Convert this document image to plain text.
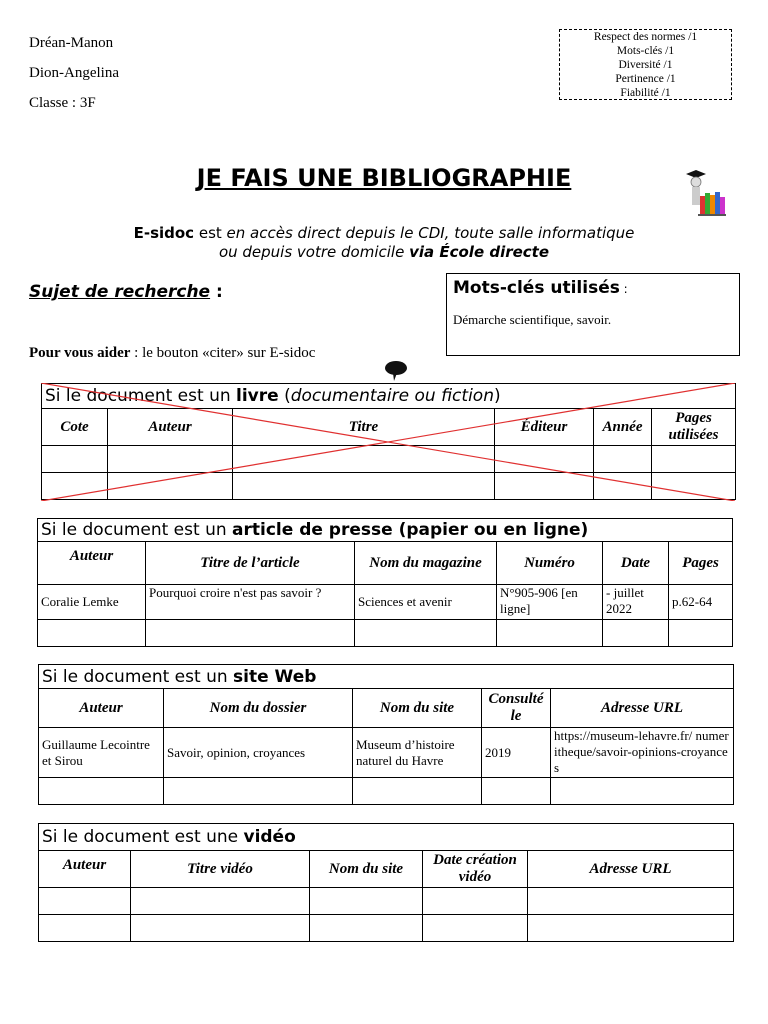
Dréan-Manon
Dion-Angelina
Classe : 3F
Respect des normes /1
Mots-clés /1
Diversité /1
Pertinence /1
Fiabilité /1
JE FAIS UNE BIBLIOGRAPHIE
E-sidoc est en accès direct depuis le CDI, toute salle informatique
ou depuis votre domicile via École directe
Sujet de recherche :	Mots-clés utilisés :
Démarche scientifique, savoir.
Pour vous aider : le bouton «citer» sur E-sidoc
Si le document est un livre (documentaire ou fiction)					
Cote	Auteur	Titre	Éditeur	Année	Pages utilisées

Si le document est un article de presse (papier ou en ligne)					
Auteur	Titre de l’article	Nom du magazine	Numéro	Date	Pages
Coralie Lemke	Pourquoi croire n'est pas savoir ?	Sciences et avenir	N°905-906 [en ligne]	- juillet 2022	p.62-64

Si le document est un site Web				
Auteur	Nom du dossier	Nom du site	Consulté le	Adresse URL
Guillaume Lecointre et Sirou	Savoir, opinion, croyances	Museum d’histoire naturel du Havre	2019	https://museum-lehavre.fr/ numeritheque/savoir-opinions-croyances

Si le document est une vidéo				
Auteur	Titre vidéo	Nom du site	Date création vidéo	Adresse URL
